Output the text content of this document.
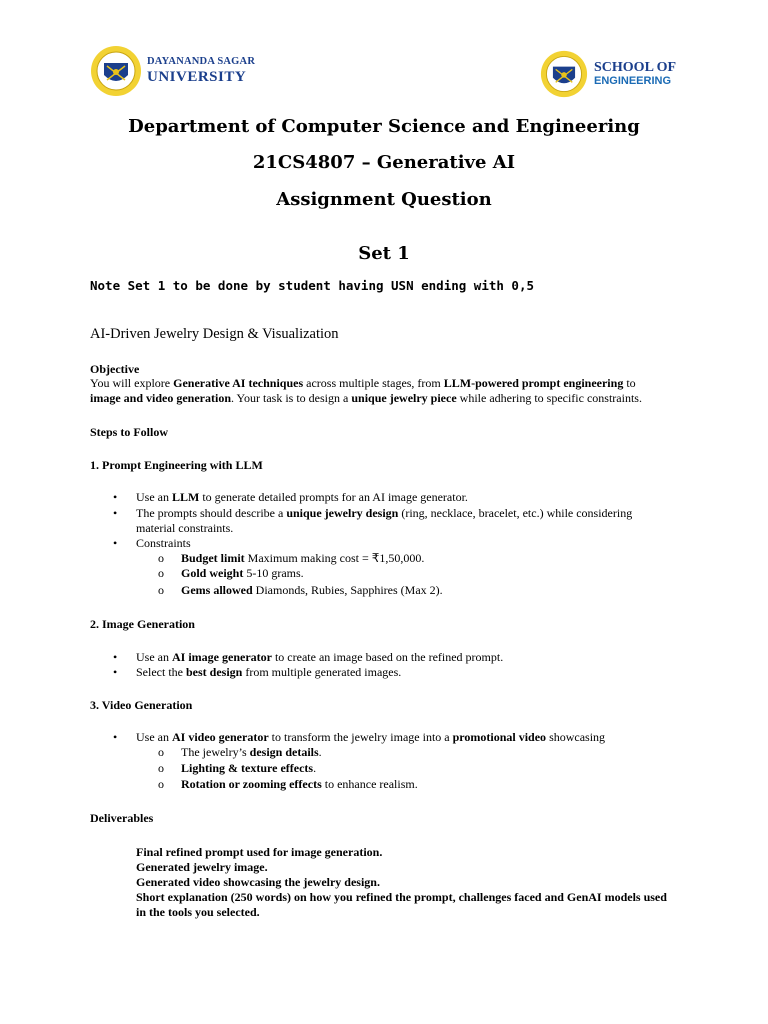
DAYANANDA SAGAR
UNIVERSITY
SCHOOL OF
ENGINEERING
Department of Computer Science and Engineering
21CS4807 – Generative AI
Assignment Question
Set 1
Note Set 1 to be done by student having USN ending with 0,5
AI-Driven Jewelry Design & Visualization
Objective
You will explore Generative AI techniques across multiple stages, from LLM-powered prompt engineering to
image and video generation. Your task is to design a unique jewelry piece while adhering to specific constraints.
Steps to Follow
1. Prompt Engineering with LLM
• Use an LLM to generate detailed prompts for an AI image generator.
• The prompts should describe a unique jewelry design (ring, necklace, bracelet, etc.) while considering
material constraints.
• Constraints
o Budget limit Maximum making cost = ₹1,50,000.
o Gold weight 5-10 grams.
o Gems allowed Diamonds, Rubies, Sapphires (Max 2).
2. Image Generation
• Use an AI image generator to create an image based on the refined prompt.
• Select the best design from multiple generated images.
3. Video Generation
• Use an AI video generator to transform the jewelry image into a promotional video showcasing
o The jewelry’s design details.
o Lighting & texture effects.
o Rotation or zooming effects to enhance realism.
Deliverables
Final refined prompt used for image generation.
Generated jewelry image.
Generated video showcasing the jewelry design.
Short explanation (250 words) on how you refined the prompt, challenges faced and GenAI models used in the tools you selected.
